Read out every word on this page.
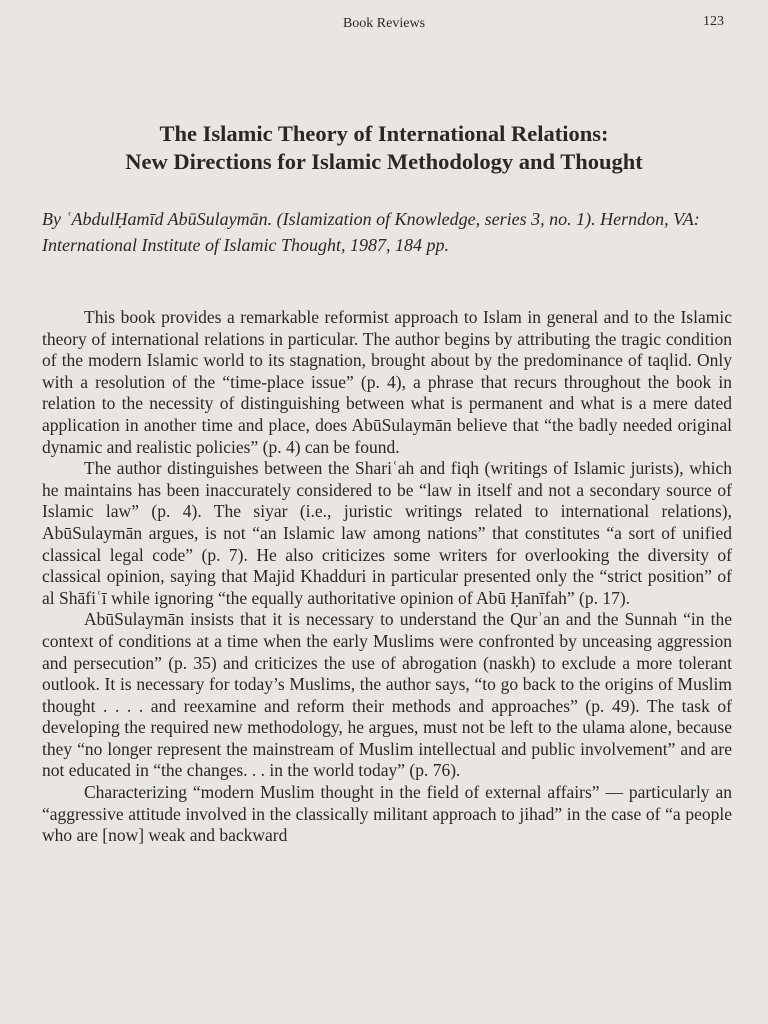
Book Reviews	123
The Islamic Theory of International Relations:
New Directions for Islamic Methodology and Thought

By ʿAbdulḤamīd AbūSulaymān. (Islamization of Knowledge, series 3, no. 1). Herndon, VA: International Institute of Islamic Thought, 1987, 184 pp.

This book provides a remarkable reformist approach to Islam in general and to the Islamic theory of international relations in particular. The author begins by attributing the tragic condition of the modern Islamic world to its stagnation, brought about by the predominance of taqlid. Only with a resolution of the “time-place issue” (p. 4), a phrase that recurs throughout the book in relation to the necessity of distinguishing between what is permanent and what is a mere dated application in another time and place, does AbūSulaymān believe that “the badly needed original dynamic and realistic policies” (p. 4) can be found.

The author distinguishes between the Shariʿah and fiqh (writings of Islamic jurists), which he maintains has been inaccurately considered to be “law in itself and not a secondary source of Islamic law” (p. 4). The siyar (i.e., juristic writings related to international relations), AbūSulaymān argues, is not “an Islamic law among nations” that constitutes “a sort of unified classical legal code” (p. 7). He also criticizes some writers for overlooking the diversity of classical opinion, saying that Majid Khadduri in particular presented only the “strict position” of al Shāfiʿī while ignoring “the equally authoritative opinion of Abū Ḥanīfah” (p. 17).

AbūSulaymān insists that it is necessary to understand the Qurʾan and the Sunnah “in the context of conditions at a time when the early Muslims were confronted by unceasing aggression and persecution” (p. 35) and criticizes the use of abrogation (naskh) to exclude a more tolerant outlook. It is necessary for today’s Muslims, the author says, “to go back to the origins of Muslim thought . . . . and reexamine and reform their methods and approaches” (p. 49). The task of developing the required new methodology, he argues, must not be left to the ulama alone, because they “no longer represent the mainstream of Muslim intellectual and public involvement” and are not educated in “the changes. . . in the world today” (p. 76).

Characterizing “modern Muslim thought in the field of external affairs” — particularly an “aggressive attitude involved in the classically militant approach to jihad” in the case of “a people who are [now] weak and backward
